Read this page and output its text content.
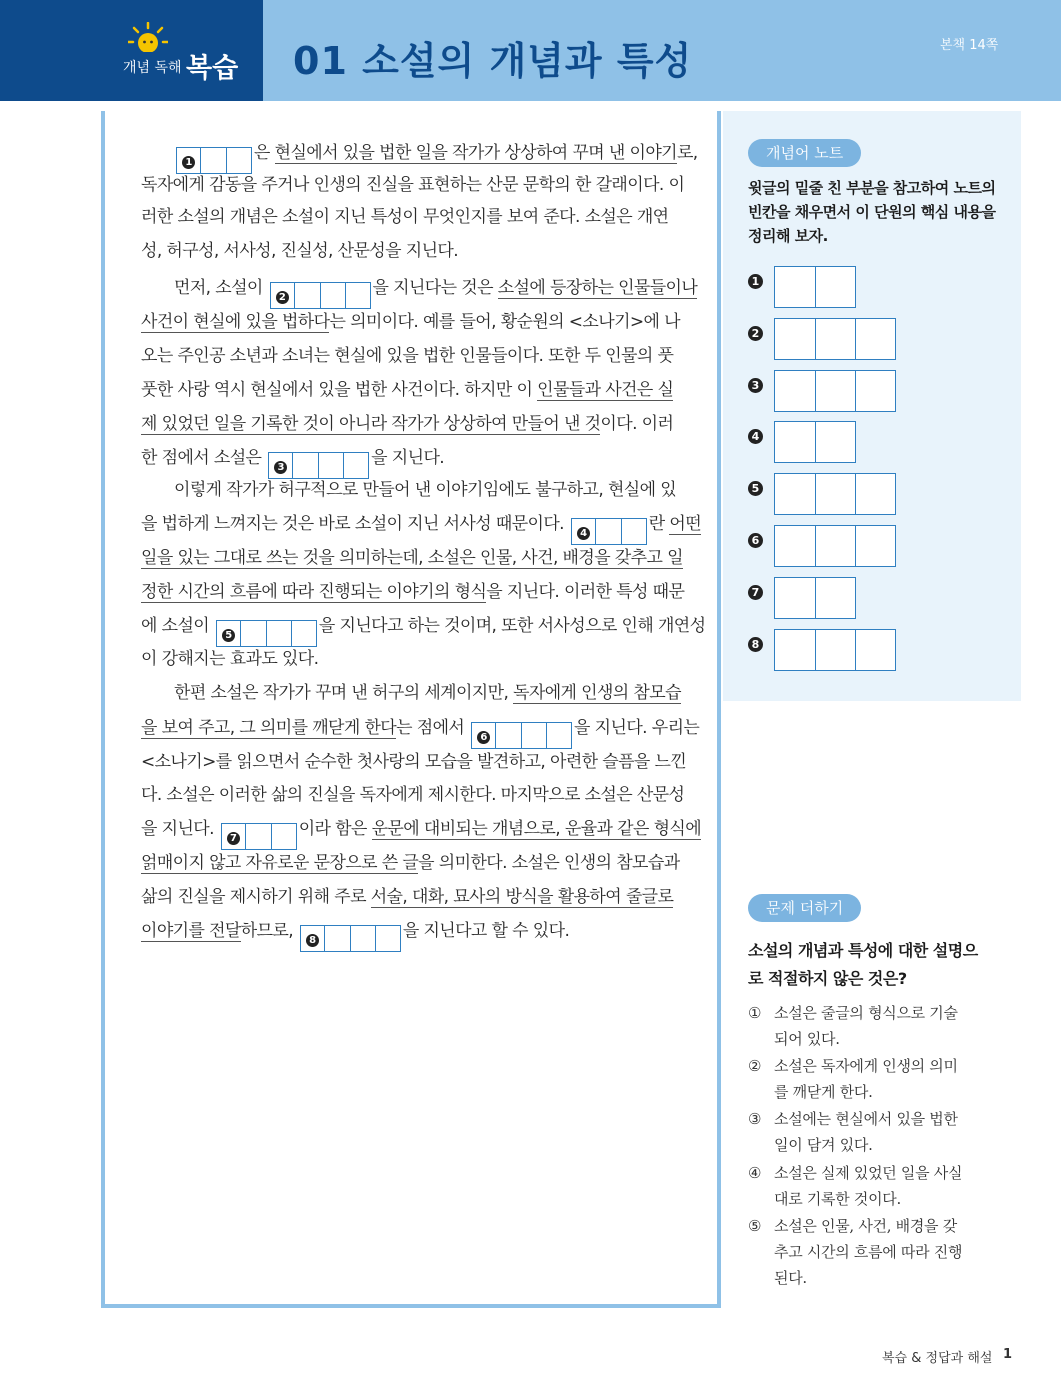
개념 독해 복습 01 소설의 개념과 특성	본책 14쪽
1	은 현실에서 있을 법한 일을 작가가 상상하여 꾸며 낸 이야기로,
독자에게 감동을 주거나 인생의 진실을 표현하는 산문 문학의 한 갈래이다. 이
러한 소설의 개념은 소설이 지닌 특성이 무엇인지를 보여 준다. 소설은 개연
성, 허구성, 서사성, 진실성, 산문성을 지닌다.
먼저, 소설이 2	을 지닌다는 것은 소설에 등장하는 인물들이나
사건이 현실에 있을 법하다는 의미이다. 예를 들어, 황순원의 <소나기>에 나
오는 주인공 소년과 소녀는 현실에 있을 법한 인물들이다. 또한 두 인물의 풋
풋한 사랑 역시 현실에서 있을 법한 사건이다. 하지만 이 인물들과 사건은 실
제 있었던 일을 기록한 것이 아니라 작가가 상상하여 만들어 낸 것이다. 이러
한 점에서 소설은 3	을 지닌다.
이렇게 작가가 허구적으로 만들어 낸 이야기임에도 불구하고, 현실에 있
을 법하게 느껴지는 것은 바로 소설이 지닌 서사성 때문이다. 4	란 어떤
일을 있는 그대로 쓰는 것을 의미하는데, 소설은 인물, 사건, 배경을 갖추고 일
정한 시간의 흐름에 따라 진행되는 이야기의 형식을 지닌다. 이러한 특성 때문
에 소설이 5	을 지닌다고 하는 것이며, 또한 서사성으로 인해 개연성
이 강해지는 효과도 있다.
한편 소설은 작가가 꾸며 낸 허구의 세계이지만, 독자에게 인생의 참모습
을 보여 주고, 그 의미를 깨닫게 한다는 점에서 6	을 지닌다. 우리는
<소나기>를 읽으면서 순수한 첫사랑의 모습을 발견하고, 아련한 슬픔을 느낀
다. 소설은 이러한 삶의 진실을 독자에게 제시한다. 마지막으로 소설은 산문성
을 지닌다. 7	이라 함은 운문에 대비되는 개념으로, 운율과 같은 형식에
얽매이지 않고 자유로운 문장으로 쓴 글을 의미한다. 소설은 인생의 참모습과
삶의 진실을 제시하기 위해 주로 서술, 대화, 묘사의 방식을 활용하여 줄글로
이야기를 전달하므로, 8	을 지닌다고 할 수 있다.
개념어 노트
윗글의 밑줄 친 부분을 참고하여 노트의
빈칸을 채우면서 이 단원의 핵심 내용을
정리해 보자.
1
2
3
4
5
6
7
8
문제 더하기
소설의 개념과 특성에 대한 설명으
로 적절하지 않은 것은?
① 소설은 줄글의 형식으로 기술
되어 있다.
② 소설은 독자에게 인생의 의미
를 깨닫게 한다.
③ 소설에는 현실에서 있을 법한
일이 담겨 있다.
④ 소설은 실제 있었던 일을 사실
대로 기록한 것이다.
⑤ 소설은 인물, 사건, 배경을 갖
추고 시간의 흐름에 따라 진행
된다.
복습 & 정답과 해설 1
